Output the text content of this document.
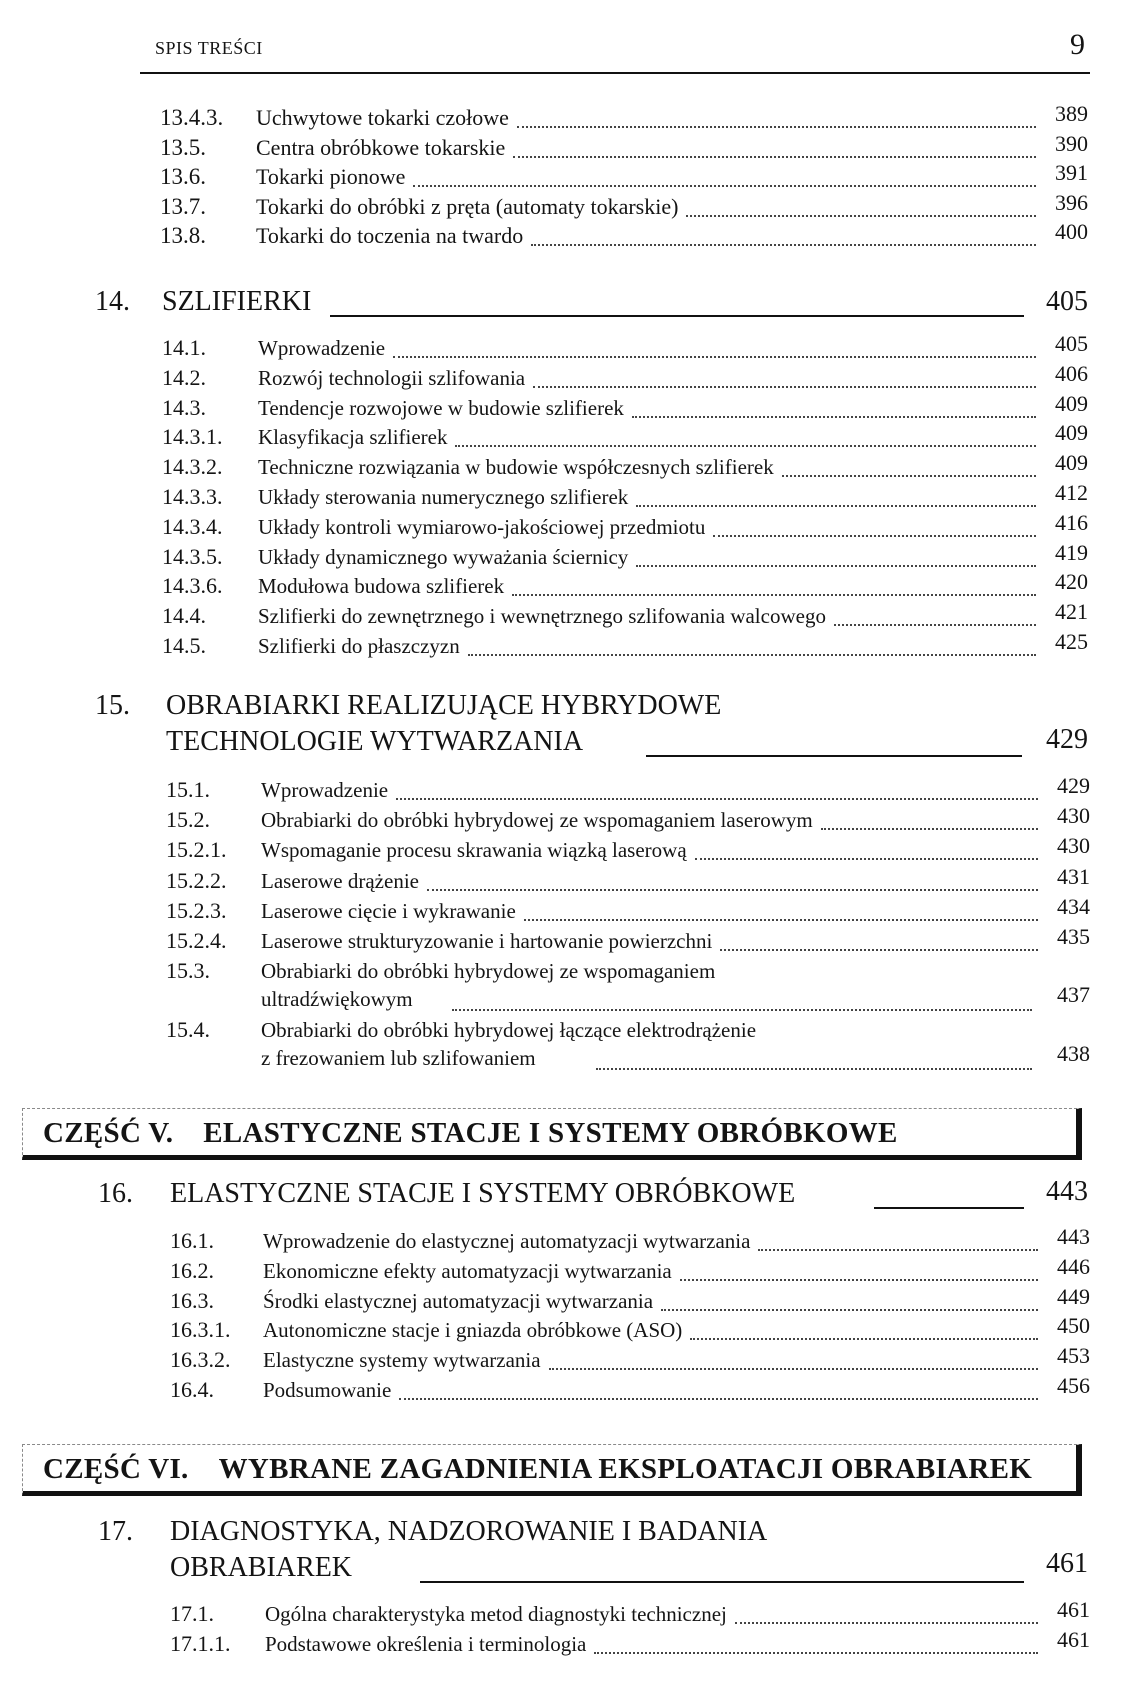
SPIS TREŚCI	9
13.4.3. Uchwytowe tokarki czołowe	389
13.5. Centra obróbkowe tokarskie	390
13.6. Tokarki pionowe	391
13.7. Tokarki do obróbki z pręta (automaty tokarskie)	396
13.8. Tokarki do toczenia na twardo	400
14. SZLIFIERKI	405
14.1. Wprowadzenie	405
14.2. Rozwój technologii szlifowania	406
14.3. Tendencje rozwojowe w budowie szlifierek	409
14.3.1. Klasyfikacja szlifierek	409
14.3.2. Techniczne rozwiązania w budowie współczesnych szlifierek	409
14.3.3. Układy sterowania numerycznego szlifierek	412
14.3.4. Układy kontroli wymiarowo-jakościowej przedmiotu	416
14.3.5. Układy dynamicznego wyważania ściernicy	419
14.3.6. Modułowa budowa szlifierek	420
14.4. Szlifierki do zewnętrznego i wewnętrznego szlifowania walcowego	421
14.5. Szlifierki do płaszczyzn	425
15. OBRABIARKI REALIZUJĄCE HYBRYDOWE
TECHNOLOGIE WYTWARZANIA	429
15.1. Wprowadzenie	429
15.2. Obrabiarki do obróbki hybrydowej ze wspomaganiem laserowym	430
15.2.1. Wspomaganie procesu skrawania wiązką laserową	430
15.2.2. Laserowe drążenie	431
15.2.3. Laserowe cięcie i wykrawanie	434
15.2.4. Laserowe strukturyzowanie i hartowanie powierzchni	435
15.3. Obrabiarki do obróbki hybrydowej ze wspomaganiem
ultradźwiękowym	437
15.4. Obrabiarki do obróbki hybrydowej łączące elektrodrążenie
z frezowaniem lub szlifowaniem	438
CZĘŚĆ V. ELASTYCZNE STACJE I SYSTEMY OBRÓBKOWE
16. ELASTYCZNE STACJE I SYSTEMY OBRÓBKOWE	443
16.1. Wprowadzenie do elastycznej automatyzacji wytwarzania	443
16.2. Ekonomiczne efekty automatyzacji wytwarzania	446
16.3. Środki elastycznej automatyzacji wytwarzania	449
16.3.1. Autonomiczne stacje i gniazda obróbkowe (ASO)	450
16.3.2. Elastyczne systemy wytwarzania	453
16.4. Podsumowanie	456
CZĘŚĆ VI. WYBRANE ZAGADNIENIA EKSPLOATACJI OBRABIAREK
17. DIAGNOSTYKA, NADZOROWANIE I BADANIA
OBRABIAREK	461
17.1. Ogólna charakterystyka metod diagnostyki technicznej	461
17.1.1. Podstawowe określenia i terminologia	461
